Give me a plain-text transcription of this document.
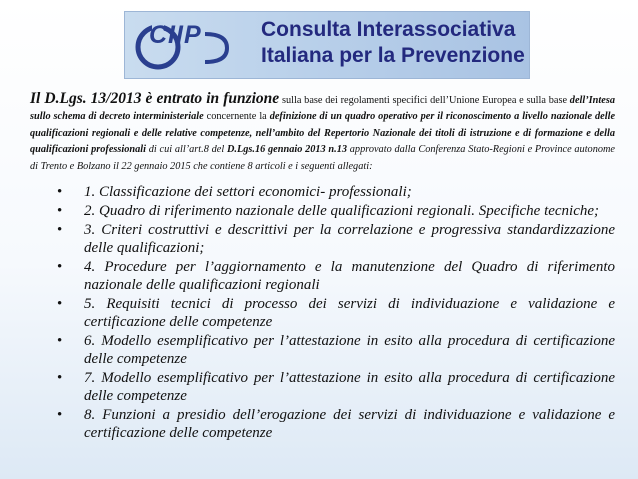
CIIP	Consulta Interassociativa
Italiana per la Prevenzione

Il D.Lgs. 13/2013 è entrato in funzione sulla base dei regolamenti specifici dell’Unione Europea e sulla base dell’Intesa sullo schema di decreto interministeriale concernente la definizione di un quadro operativo per il riconoscimento a livello nazionale delle qualificazioni regionali e delle relative competenze, nell’ambito del Repertorio Nazionale dei titoli di istruzione e di formazione e della qualificazioni professionali di cui all’art.8 del D.Lgs.16 gennaio 2013 n.13 approvato dalla Conferenza Stato-Regioni e Province autonome di Trento e Bolzano il 22 gennaio 2015 che contiene 8 articoli e i seguenti allegati:

• 1. Classificazione dei settori economici- professionali;
• 2. Quadro di riferimento nazionale delle qualificazioni regionali. Specifiche tecniche;
• 3. Criteri costruttivi e descrittivi per la correlazione e progressiva standardizzazione delle qualificazioni;
• 4. Procedure per l’aggiornamento e la manutenzione del Quadro di riferimento nazionale delle qualificazioni regionali
• 5. Requisiti tecnici di processo dei servizi di individuazione e validazione e certificazione delle competenze
• 6. Modello esemplificativo per l’attestazione in esito alla procedura di certificazione delle competenze
• 7. Modello esemplificativo per l’attestazione in esito alla procedura di certificazione delle competenze
• 8. Funzioni a presidio dell’erogazione dei servizi di individuazione e validazione e certificazione delle competenze
